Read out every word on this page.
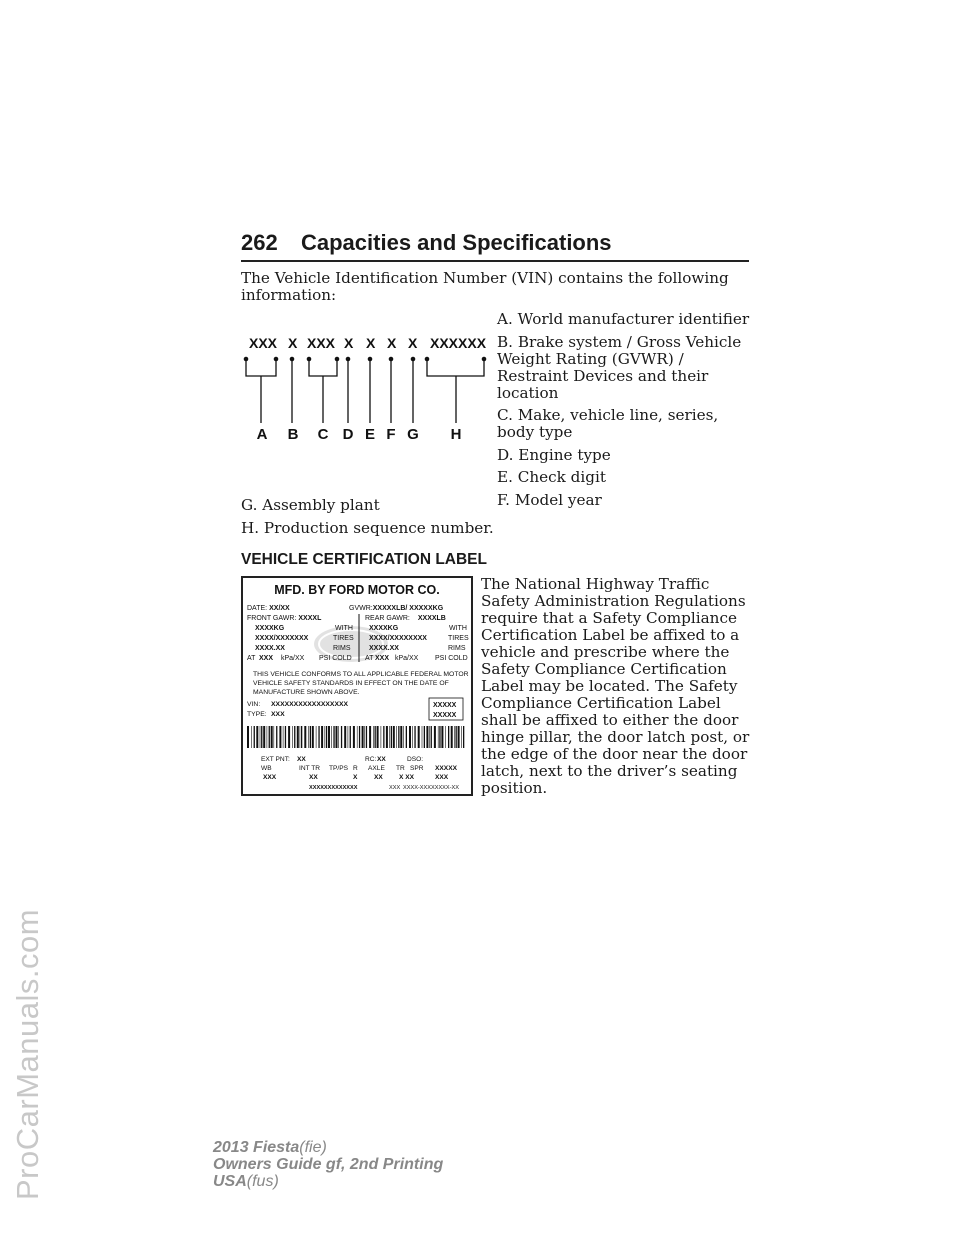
ProCarManuals.com
262 Capacities and Specifications
The Vehicle Identification Number (VIN) contains the following information:
XXX X XXX X X X X XXXXXX
A B C D E F G H
A. World manufacturer identifier
B. Brake system / Gross Vehicle Weight Rating (GVWR) / Restraint Devices and their location
C. Make, vehicle line, series, body type
D. Engine type
E. Check digit
F. Model year
G. Assembly plant
H. Production sequence number.
VEHICLE CERTIFICATION LABEL
MFD. BY FORD MOTOR CO.
DATE: XX/XX	GVWR:XXXXXLB/ XXXXXKG
FRONT GAWR: XXXXL	REAR GAWR: XXXXLB
XXXXKG	WITH XXXXKG	WITH
XXXX/XXXXXXX	TIRES XXXX/XXXXXXXX	TIRES
XXXX.XX	RIMS	XXXX.XX	RIMS
AT XXX kPa/XX PSI COLD AT XXX kPa/XX PSI COLD
THIS VEHICLE CONFORMS TO ALL APPLICABLE FEDERAL MOTOR
VEHICLE SAFETY STANDARDS IN EFFECT ON THE DATE OF
MANUFACTURE SHOWN ABOVE.
VIN: XXXXXXXXXXXXXXXXX
TYPE: XXX
XXXXX
XXXXX
EXT PNT: XX	RC: XX	DSO:
WB	INT TR TP/PS R AXLE TR SPR XXXXX
XXX	XX	X	XX X XX	XXX
XXXXXXXXXXXXX	XXX XXXX-XXXXXXXX-XX
The National Highway Traffic Safety Administration Regulations require that a Safety Compliance Certification Label be affixed to a vehicle and prescribe where the Safety Compliance Certification Label may be located. The Safety Compliance Certification Label shall be affixed to either the door hinge pillar, the door latch post, or the edge of the door near the door latch, next to the driver’s seating position.
2013 Fiesta(fie)
Owners Guide gf, 2nd Printing
USA(fus)
